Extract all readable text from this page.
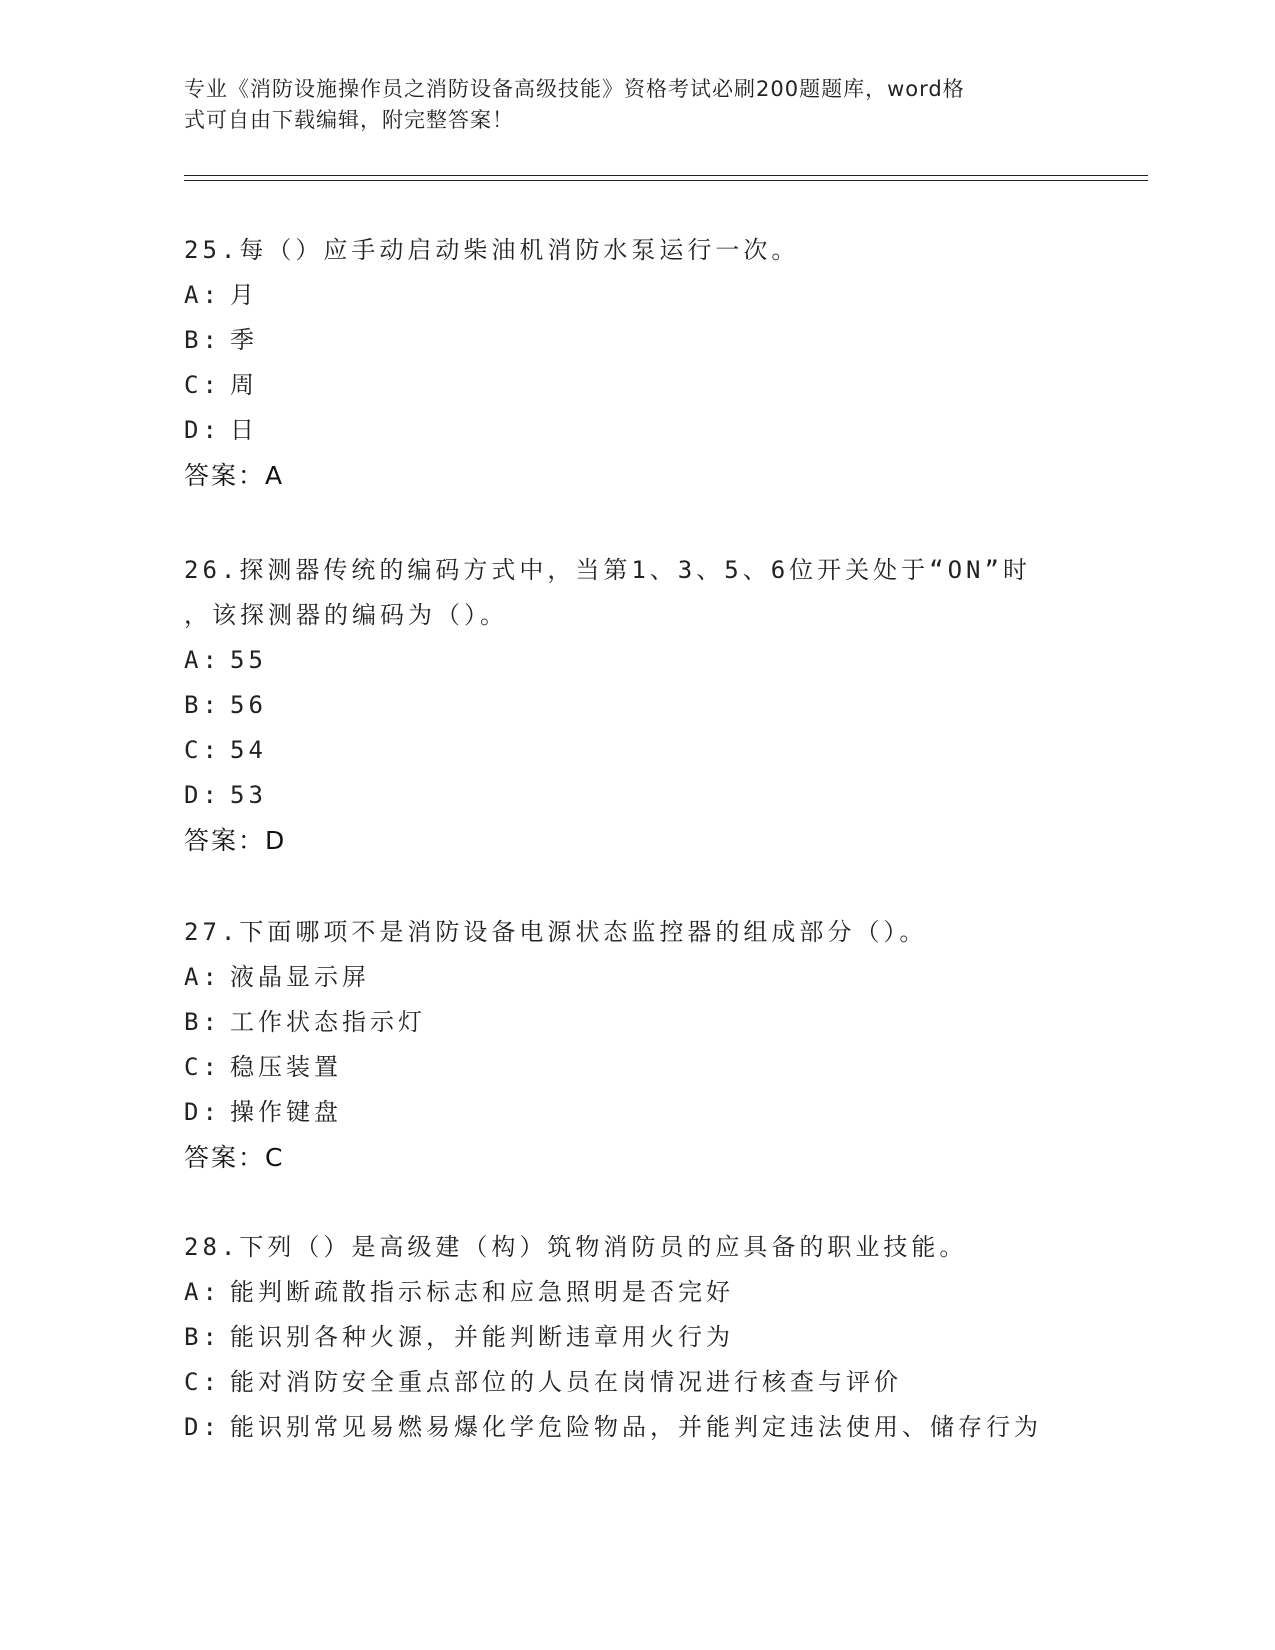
专业《消防设施操作员之消防设备高级技能》资格考试必刷200题题库，word格
式可自由下载编辑，附完整答案！
25.每（）应手动启动柴油机消防水泵运行一次。
A: 月
B: 季
C: 周
D: 日
答案：A
26.探测器传统的编码方式中，当第1、3、5、6位开关处于“ON”时
，该探测器的编码为（）。
A: 55
B: 56
C: 54
D: 53
答案：D
27.下面哪项不是消防设备电源状态监控器的组成部分（）。
A: 液晶显示屏
B: 工作状态指示灯
C: 稳压装置
D: 操作键盘
答案：C
28.下列（）是高级建（构）筑物消防员的应具备的职业技能。
A: 能判断疏散指示标志和应急照明是否完好
B: 能识别各种火源，并能判断违章用火行为
C: 能对消防安全重点部位的人员在岗情况进行核查与评价
D: 能识别常见易燃易爆化学危险物品，并能判定违法使用、储存行为
